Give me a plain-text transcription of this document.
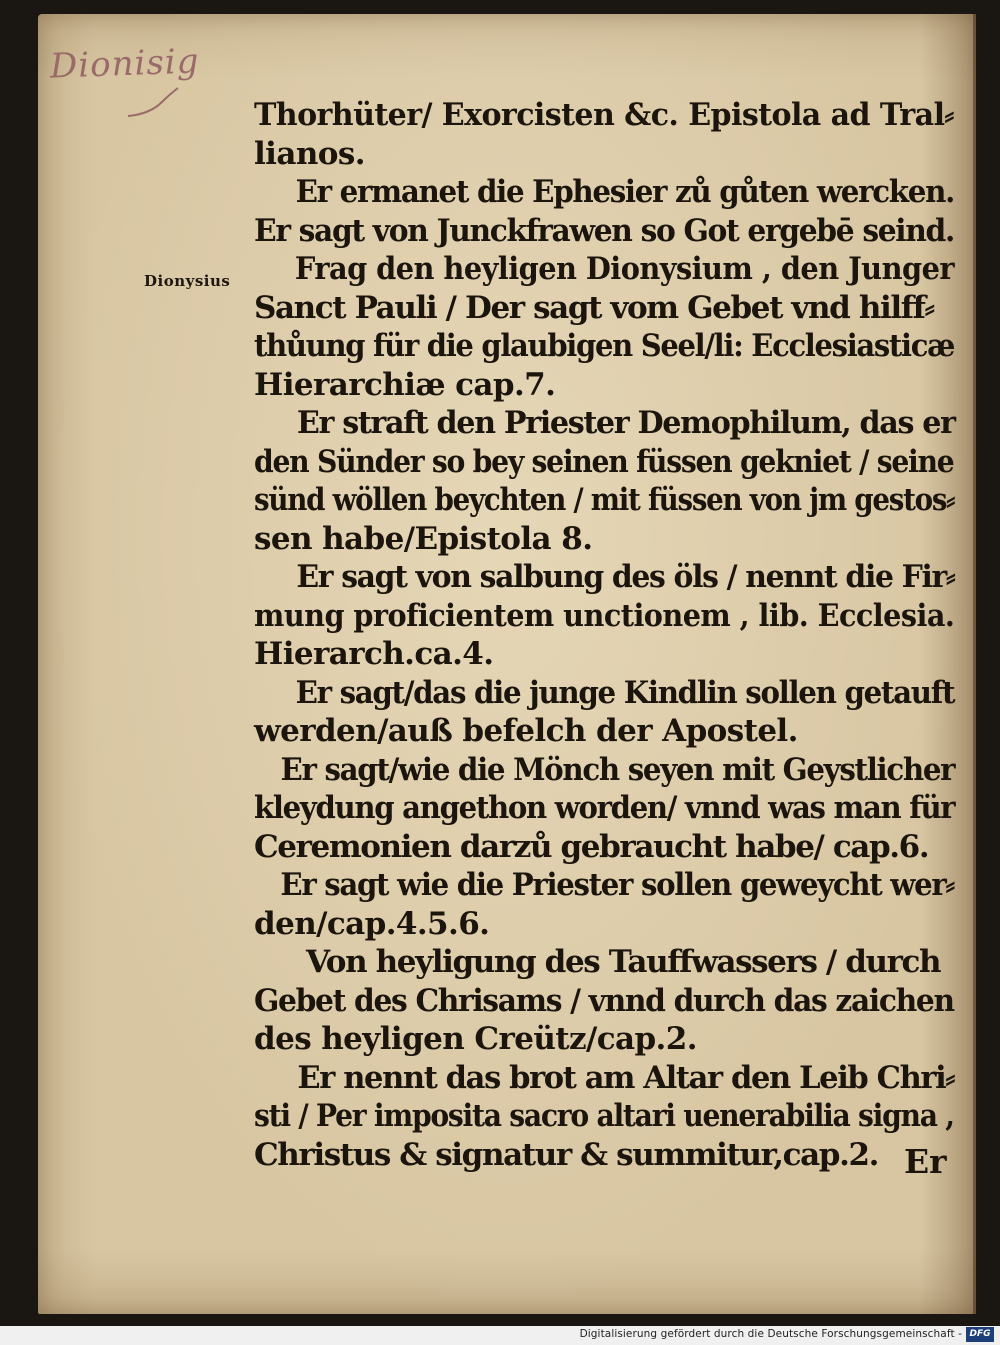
Dionisig
Dionysius
Thorhüter/ Exorcisten &c. Epistola ad Tral⸗
lianos.
Er ermanet die Ephesier zů gůten wercken.
Er sagt von Junckfrawen so Got ergebē seind.
Frag den heyligen Dionysium , den Junger
Sanct Pauli / Der sagt vom Gebet vnd hilff⸗
thůung für die glaubigen Seel/li: Ecclesiasticæ
Hierarchiæ cap.7.
Er straft den Priester Demophilum, das er
den Sünder so bey seinen füssen gekniet / seine
sünd wöllen beychten / mit füssen von jm gestos⸗
sen habe/Epistola 8.
Er sagt von salbung des öls / nennt die Fir⸗
mung proficientem unctionem , lib. Ecclesia.
Hierarch.ca.4.
Er sagt/das die junge Kindlin sollen getauft
werden/auß befelch der Apostel.
Er sagt/wie die Mönch seyen mit Geystlicher
kleydung angethon worden/ vnnd was man für
Ceremonien darzů gebraucht habe/ cap.6.
Er sagt wie die Priester sollen geweycht wer⸗
den/cap.4.5.6.
Von heyligung des Tauffwassers / durch
Gebet des Chrisams / vnnd durch das zaichen
des heyligen Creütz/cap.2.
Er nennt das brot am Altar den Leib Chri⸗
sti / Per imposita sacro altari uenerabilia signa ,
Christus & signatur & summitur,cap.2. Er
Digitalisierung gefördert durch die Deutsche Forschungsgemeinschaft - DFG
